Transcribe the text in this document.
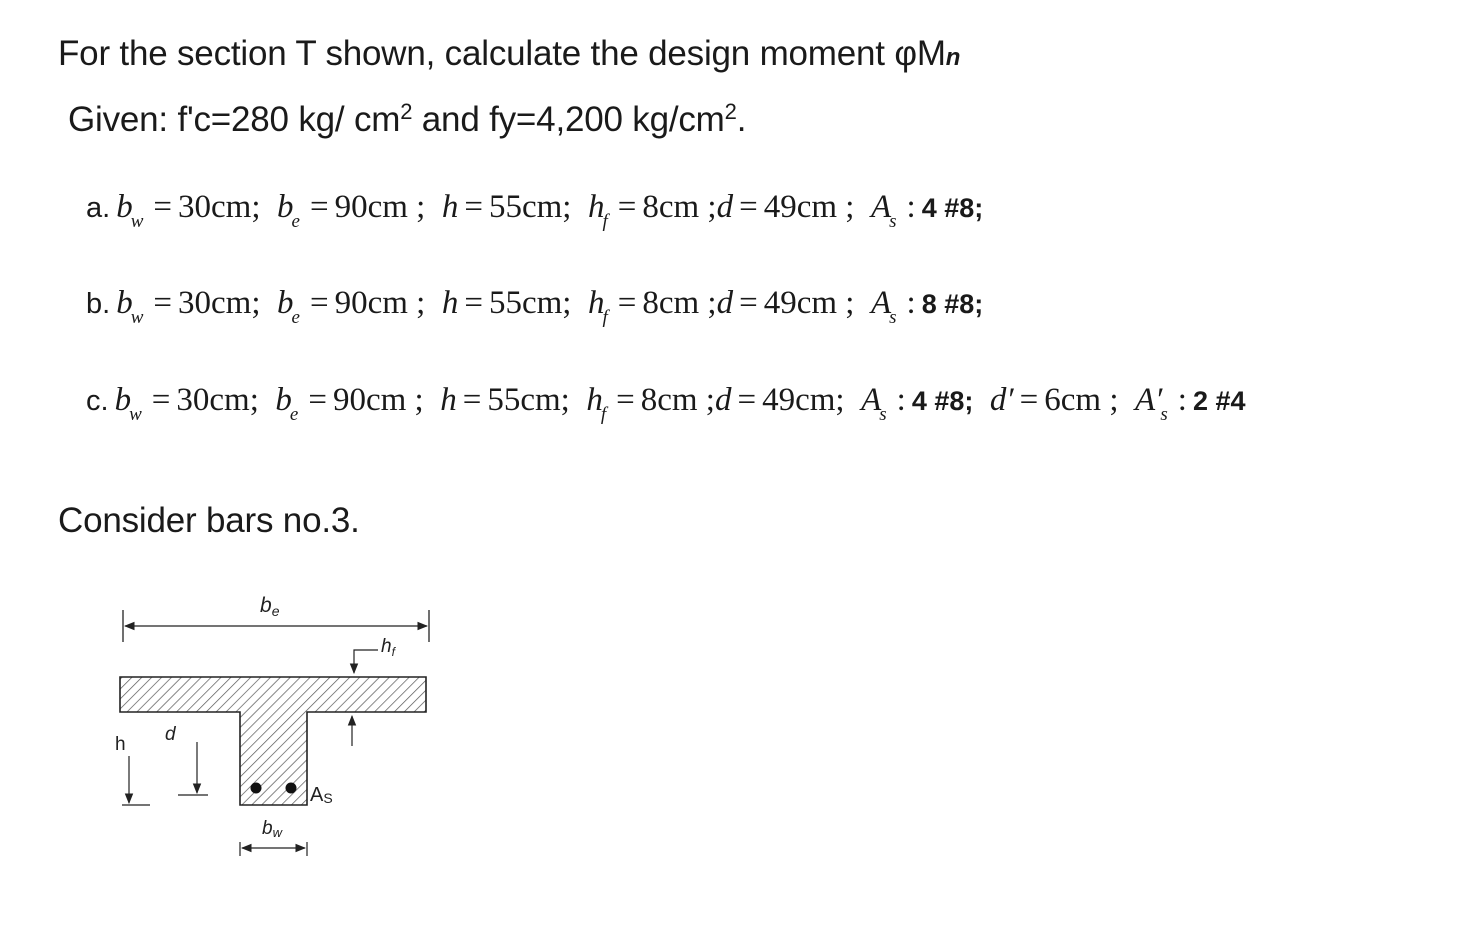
For the section T shown, calculate the design moment φMn
Given: f'c=280 kg/ $cm^2$ and fy=4,200 $kg/cm^2$.
a. $b_w = 30cm$;  $b_e = 90cm$ ;  h = 55cm;  $h_f = 8cm$ ;d = 49cm ;  $A_s$ : 4 #8;
b. $b_w = 30cm$;  $b_e = 90cm$ ;  h = 55cm;  $h_f = 8cm$ ;d = 49cm ;  $A_s$ : 8 #8;
c. $b_w = 30cm$;  $b_e = 90cm$ ;  h = 55cm;  $h_f = 8cm$ ;d = 49cm;  $A_s$ : 4 #8; d′ = 6cm ;  $A'_s$ : 2 #4
Consider bars no.3.
be
$h_f$
h d
AS
bw
